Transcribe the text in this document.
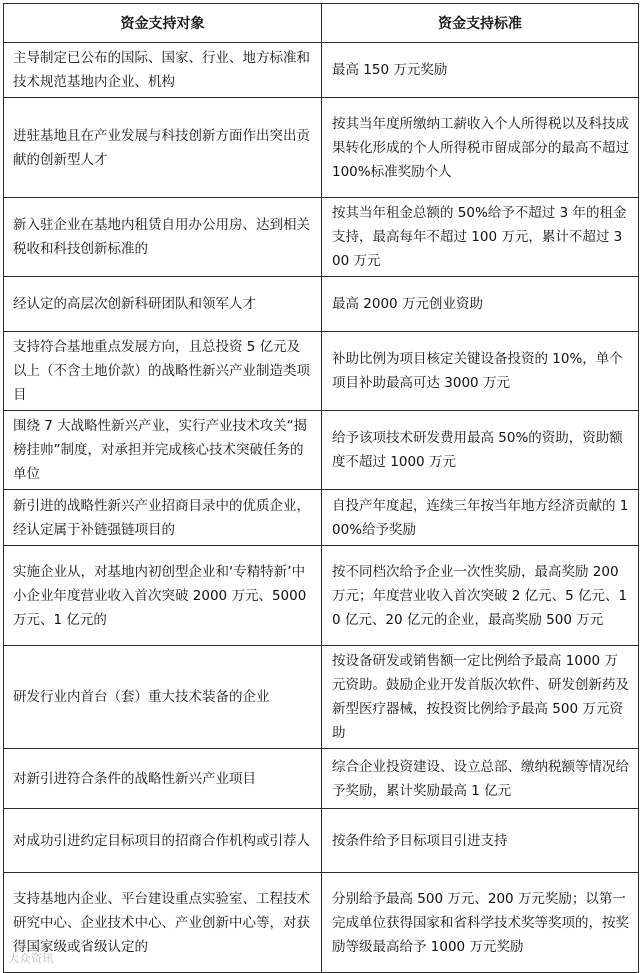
资金支持对象	资金支持标准
主导制定已公布的国际、国家、行业、地方标准和技术规范基地内企业、机构	最高 150 万元奖励
进驻基地且在产业发展与科技创新方面作出突出贡献的创新型人才	按其当年度所缴纳工薪收入个人所得税以及科技成果转化形成的个人所得税市留成部分的最高不超过 100%标准奖励个人
新入驻企业在基地内租赁自用办公用房、达到相关税收和科技创新标准的	按其当年租金总额的 50%给予不超过 3 年的租金支持，最高每年不超过 100 万元，累计不超过 300 万元
经认定的高层次创新科研团队和领军人才	最高 2000 万元创业资助
支持符合基地重点发展方向，且总投资 5 亿元及以上（不含土地价款）的战略性新兴产业制造类项目	补助比例为项目核定关键设备投资的 10%，单个项目补助最高可达 3000 万元
围绕 7 大战略性新兴产业，实行产业技术攻关“揭榜挂帅”制度，对承担并完成核心技术突破任务的单位	给予该项技术研发费用最高 50%的资助，资助额度不超过 1000 万元
新引进的战略性新兴产业招商目录中的优质企业，经认定属于补链强链项目的	自投产年度起，连续三年按当年地方经济贡献的 100%给予奖励
实施企业从，对基地内初创型企业和‘专精特新’中小企业年度营业收入首次突破 2000 万元、5000 万元、1 亿元的	按不同档次给予企业一次性奖励，最高奖励 200 万元；年度营业收入首次突破 2 亿元、5 亿元、10 亿元、20 亿元的企业，最高奖励 500 万元
研发行业内首台（套）重大技术装备的企业	按设备研发或销售额一定比例给予最高 1000 万元资助。鼓励企业开发首版次软件、研发创新药及新型医疗器械，按投资比例给予最高 500 万元资助
对新引进符合条件的战略性新兴产业项目	综合企业投资建设、设立总部、缴纳税额等情况给予奖励，累计奖励最高 1 亿元
对成功引进约定目标项目的招商合作机构或引荐人	按条件给予目标项目引进支持
支持基地内企业、平台建设重点实验室、工程技术研究中心、企业技术中心、产业创新中心等，对获得国家级或省级认定的	分别给予最高 500 万元、200 万元奖励；以第一完成单位获得国家和省科学技术奖等奖项的，按奖励等级最高给予 1000 万元奖励
大众资讯
